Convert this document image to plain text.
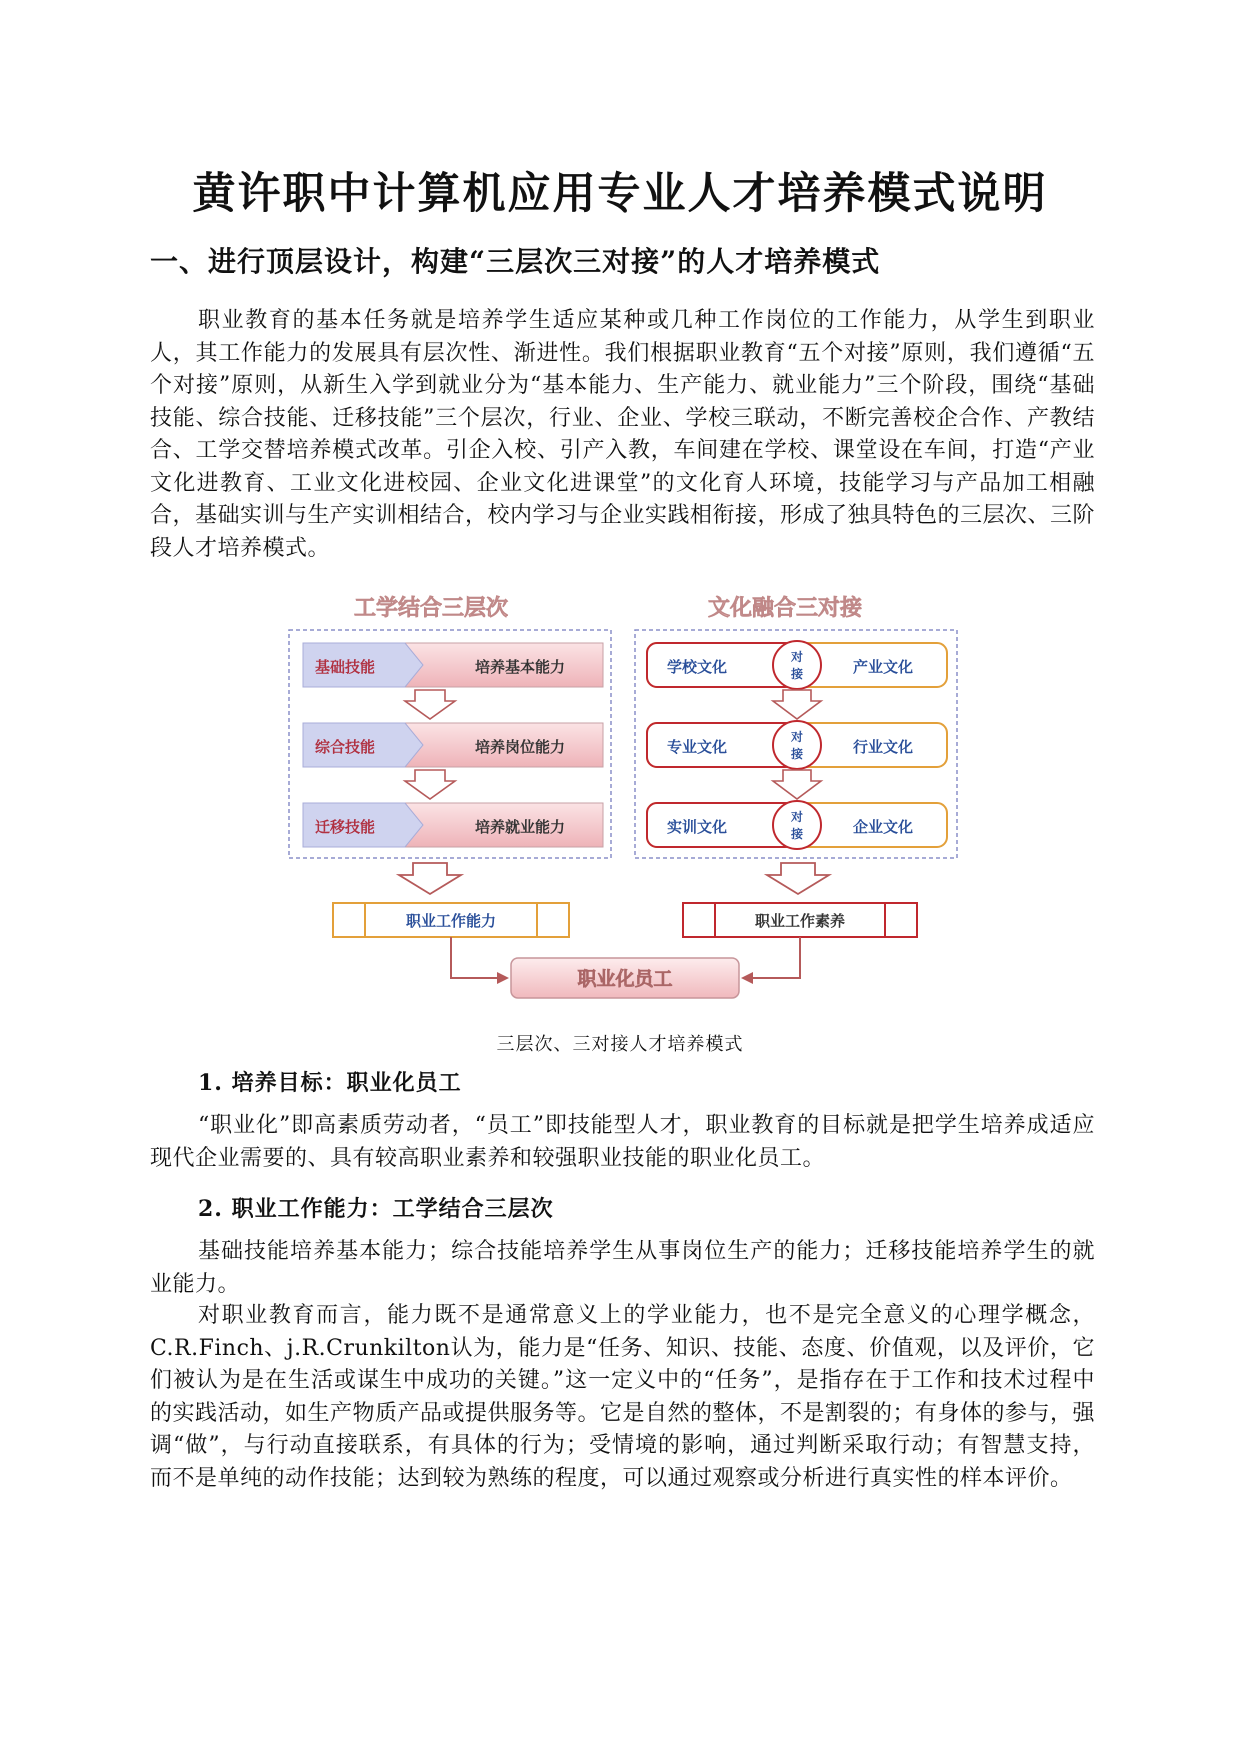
黄许职中计算机应用专业人才培养模式说明
一、进行顶层设计，构建“三层次三对接”的人才培养模式

职业教育的基本任务就是培养学生适应某种或几种工作岗位的工作能力，从学生到职业人，其工作能力的发展具有层次性、渐进性。我们根据职业教育“五个对接”原则，我们遵循“五个对接”原则，从新生入学到就业分为“基本能力、生产能力、就业能力”三个阶段，围绕“基础技能、综合技能、迁移技能”三个层次，行业、企业、学校三联动，不断完善校企合作、产教结合、工学交替培养模式改革。引企入校、引产入教，车间建在学校、课堂设在车间，打造“产业文化进教育、工业文化进校园、企业文化进课堂”的文化育人环境，技能学习与产品加工相融合，基础实训与生产实训相结合，校内学习与企业实践相衔接，形成了独具特色的三层次、三阶段人才培养模式。

工学结合三层次	文化融合三对接
基础技能	培养基本能力
综合技能	培养岗位能力
迁移技能	培养就业能力
学校文化	产业文化
对
接
专业文化	行业文化
对
接
实训文化	企业文化
对
接
职业工作能力	职业工作素养
职业化员工

三层次、三对接人才培养模式

1. 培养目标：职业化员工

“职业化”即高素质劳动者，“员工”即技能型人才，职业教育的目标就是把学生培养成适应现代企业需要的、具有较高职业素养和较强职业技能的职业化员工。

2. 职业工作能力：工学结合三层次

基础技能培养基本能力；综合技能培养学生从事岗位生产的能力；迁移技能培养学生的就业能力。

对职业教育而言，能力既不是通常意义上的学业能力，也不是完全意义的心理学概念，C.R.Finch、j.R.Crunkilton认为，能力是“任务、知识、技能、态度、价值观，以及评价，它们被认为是在生活或谋生中成功的关键。”这一定义中的“任务”，是指存在于工作和技术过程中的实践活动，如生产物质产品或提供服务等。它是自然的整体，不是割裂的；有身体的参与，强调“做”，与行动直接联系，有具体的行为；受情境的影响，通过判断采取行动；有智慧支持，而不是单纯的动作技能；达到较为熟练的程度，可以通过观察或分析进行真实性的样本评价。
